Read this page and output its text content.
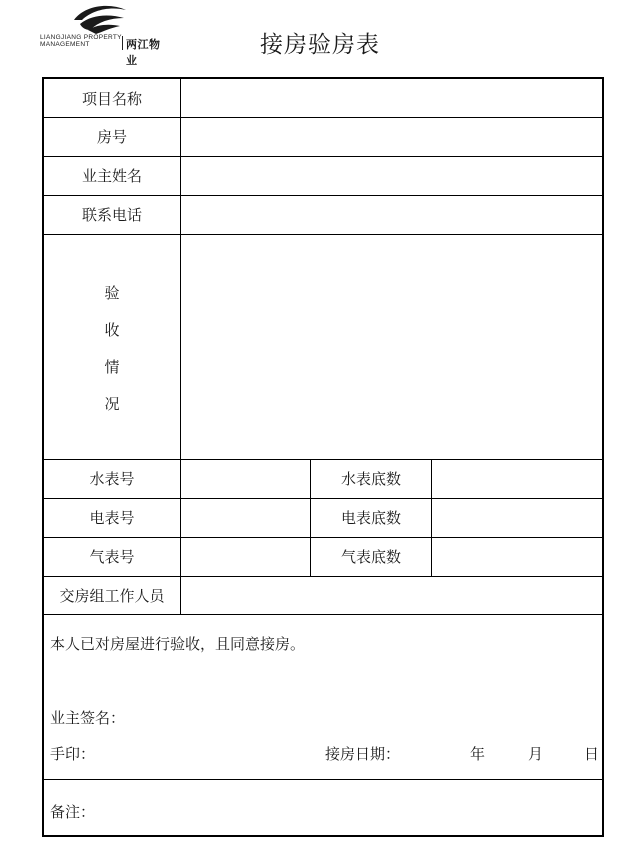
LIANGJIANG PROPERTY
MANAGEMENT	两江物业
接房验房表
项目名称
房号
业主姓名
联系电话
验
收
情
况
水表号	水表底数
电表号	电表底数
气表号	气表底数
交房组工作人员
本人已对房屋进行验收，且同意接房。
业主签名：
手印：	接房日期：	年	月	日
备注：
